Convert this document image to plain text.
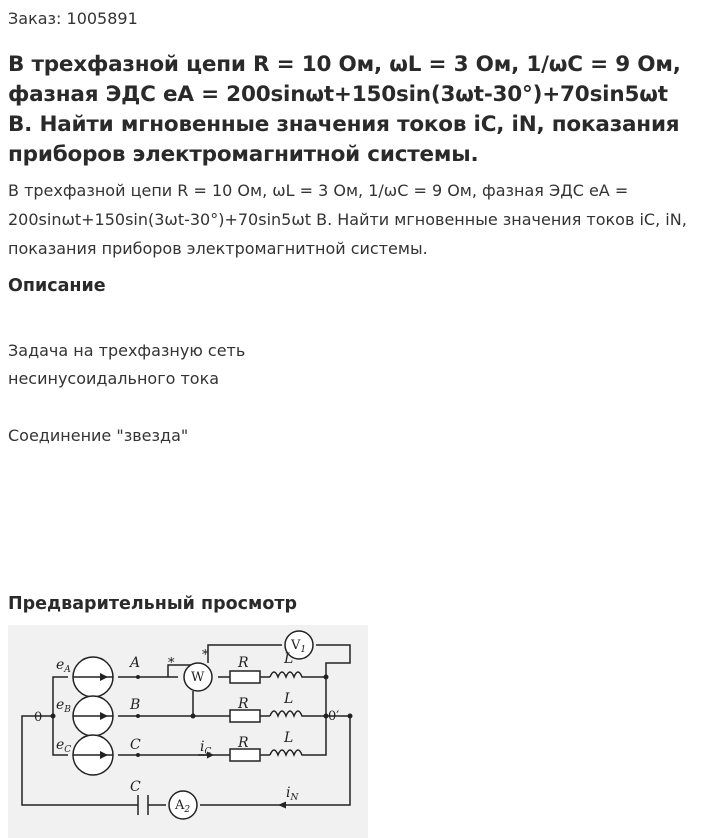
Заказ: 1005891
В трехфазной цепи R = 10 Ом, ωL = 3 Ом, 1/ωC = 9 Ом, фазная ЭДС eA = 200sinωt+150sin(3ωt-30°)+70sin5ωt В. Найти мгновенные значения токов iC, iN, показания приборов электромагнитной системы.

В трехфазной цепи R = 10 Ом, ωL = 3 Ом, 1/ωC = 9 Ом, фазная ЭДС eA = 200sinωt+150sin(3ωt-30°)+70sin5ωt В. Найти мгновенные значения токов iC, iN, показания приборов электромагнитной системы.

Описание
Задача на трехфазную сеть
несинусоидального тока
Соединение "звезда"
Предварительный просмотр
$e_A$
$e_B$
$e_C$
A
B
C
0	0′
R
R
R
L
L
L
W
$V_1$
$A_2$
C
$i_C$
$i_N$
*
*
